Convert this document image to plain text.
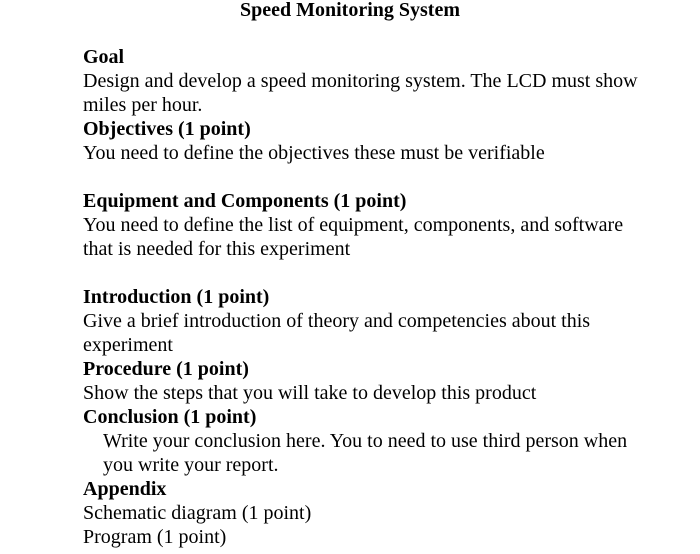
Speed Monitoring System
Goal
Design and develop a speed monitoring system. The LCD must show miles per hour.
Objectives (1 point)
You need to define the objectives these must be verifiable
Equipment and Components (1 point)
You need to define the list of equipment, components, and software that is needed for this experiment
Introduction (1 point)
Give a brief introduction of theory and competencies about this experiment
Procedure (1 point)
Show the steps that you will take to develop this product
Conclusion (1 point)
Write your conclusion here. You to need to use third person when you write your report.
Appendix
Schematic diagram (1 point)
Program (1 point)
